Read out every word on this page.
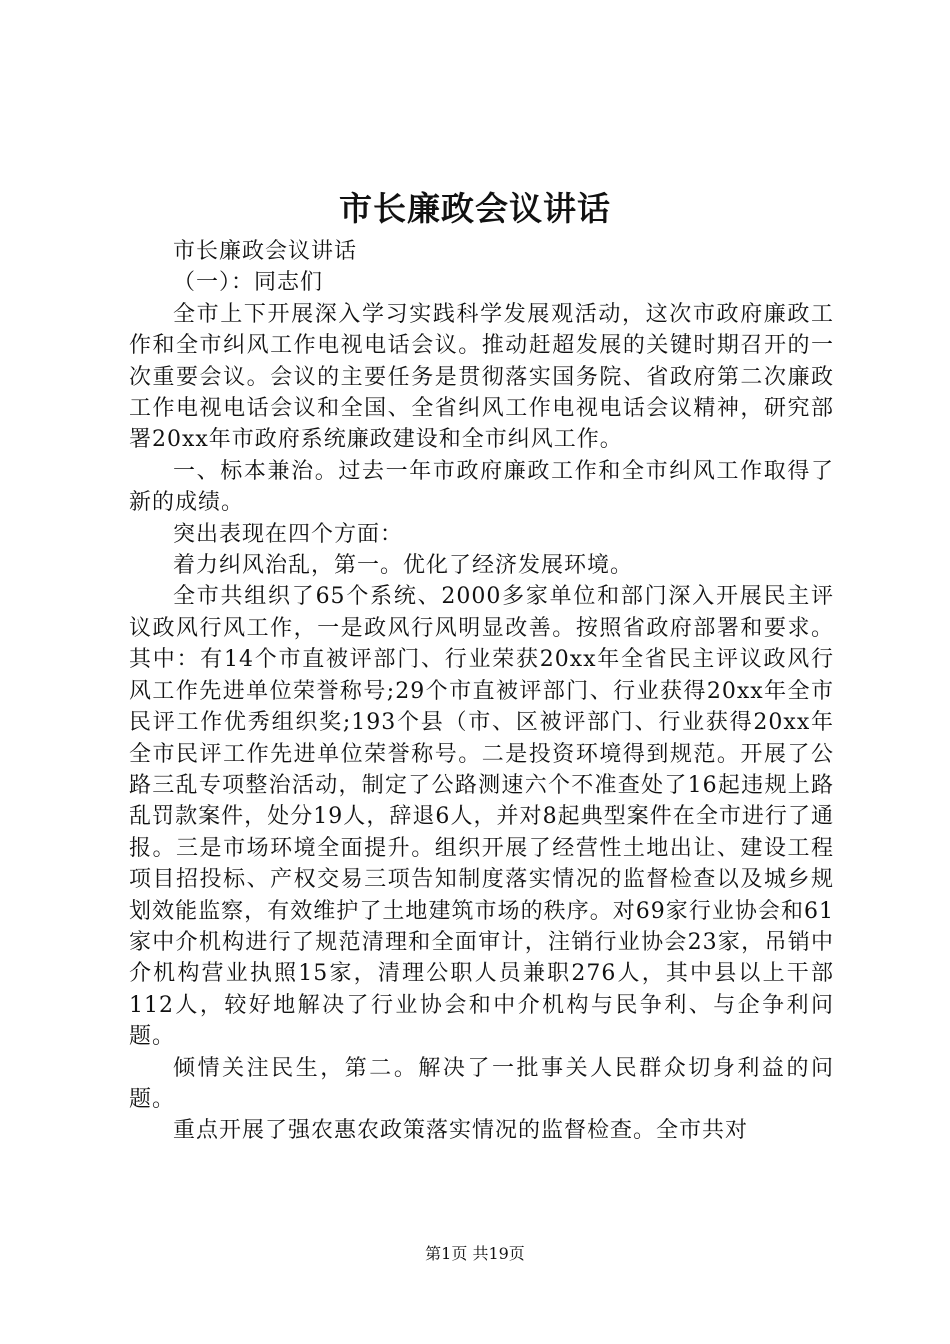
市长廉政会议讲话

市长廉政会议讲话

（一）：同志们

全市上下开展深入学习实践科学发展观活动，这次市政府廉政工作和全市纠风工作电视电话会议。推动赶超发展的关键时期召开的一次重要会议。会议的主要任务是贯彻落实国务院、省政府第二次廉政工作电视电话会议和全国、全省纠风工作电视电话会议精神，研究部署20xx年市政府系统廉政建设和全市纠风工作。

一、标本兼治。过去一年市政府廉政工作和全市纠风工作取得了新的成绩。

突出表现在四个方面：

着力纠风治乱，第一。优化了经济发展环境。

全市共组织了65个系统、2000多家单位和部门深入开展民主评议政风行风工作，一是政风行风明显改善。按照省政府部署和要求。其中：有14个市直被评部门、行业荣获20xx年全省民主评议政风行风工作先进单位荣誉称号;29个市直被评部门、行业获得20xx年全市民评工作优秀组织奖;193个县（市、区被评部门、行业获得20xx年全市民评工作先进单位荣誉称号。二是投资环境得到规范。开展了公路三乱专项整治活动，制定了公路测速六个不准查处了16起违规上路乱罚款案件，处分19人，辞退6人，并对8起典型案件在全市进行了通报。三是市场环境全面提升。组织开展了经营性土地出让、建设工程项目招投标、产权交易三项告知制度落实情况的监督检查以及城乡规划效能监察，有效维护了土地建筑市场的秩序。对69家行业协会和61家中介机构进行了规范清理和全面审计，注销行业协会23家，吊销中介机构营业执照15家，清理公职人员兼职276人，其中县以上干部112人，较好地解决了行业协会和中介机构与民争利、与企争利问题。

倾情关注民生，第二。解决了一批事关人民群众切身利益的问题。

重点开展了强农惠农政策落实情况的监督检查。全市共对

第1页 共19页
